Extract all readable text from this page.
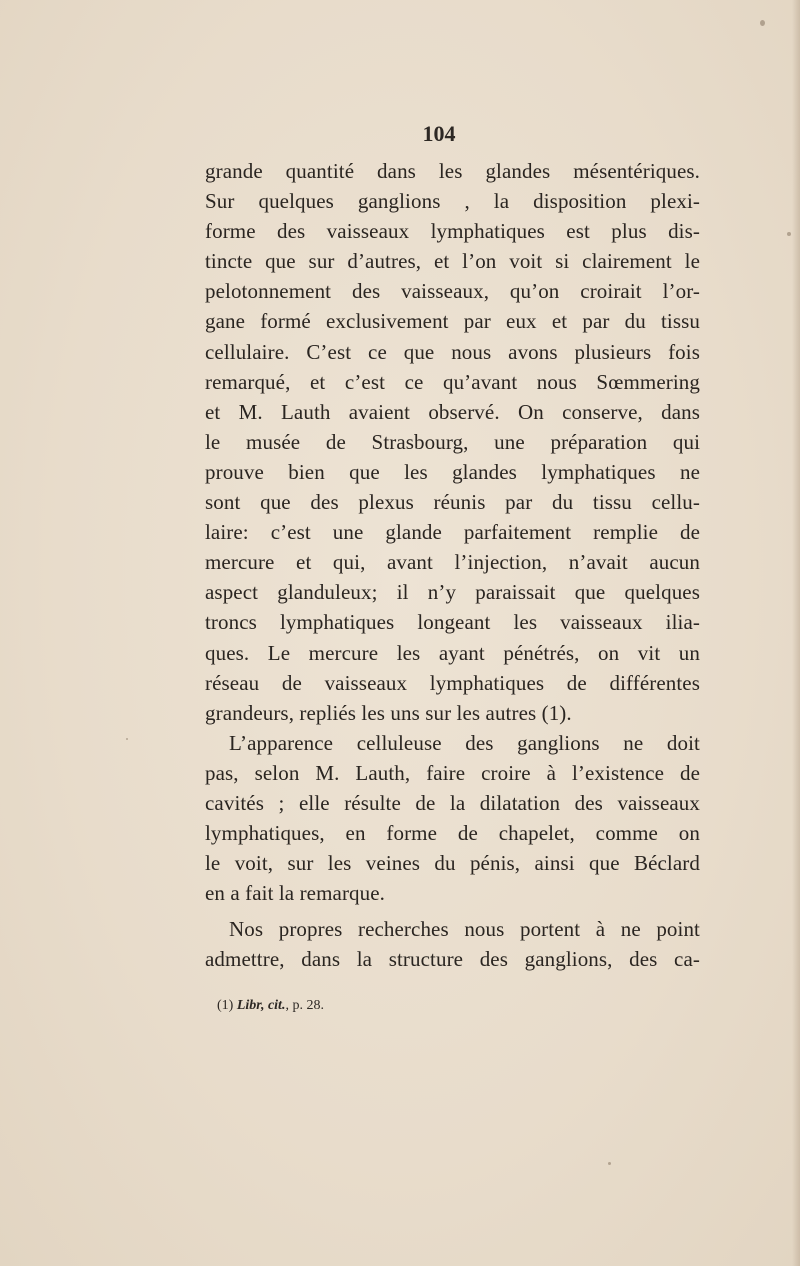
104
grande quantité dans les glandes mésentériques.
Sur quelques ganglions , la disposition plexi-
forme des vaisseaux lymphatiques est plus dis-
tincte que sur d’autres, et l’on voit si clairement le
pelotonnement des vaisseaux, qu’on croirait l’or-
gane formé exclusivement par eux et par du tissu
cellulaire. C’est ce que nous avons plusieurs fois
remarqué, et c’est ce qu’avant nous Sœmmering
et M. Lauth avaient observé. On conserve, dans
le musée de Strasbourg, une préparation qui
prouve bien que les glandes lymphatiques ne
sont que des plexus réunis par du tissu cellu-
laire: c’est une glande parfaitement remplie de
mercure et qui, avant l’injection, n’avait aucun
aspect glanduleux; il n’y paraissait que quelques
troncs lymphatiques longeant les vaisseaux ilia-
ques. Le mercure les ayant pénétrés, on vit un
réseau de vaisseaux lymphatiques de différentes
grandeurs, repliés les uns sur les autres (1).
L’apparence celluleuse des ganglions ne doit
pas, selon M. Lauth, faire croire à l’existence de
cavités ; elle résulte de la dilatation des vaisseaux
lymphatiques, en forme de chapelet, comme on
le voit, sur les veines du pénis, ainsi que Béclard
en a fait la remarque.
Nos propres recherches nous portent à ne point
admettre, dans la structure des ganglions, des ca-
(1) Libr, cit., p. 28.
